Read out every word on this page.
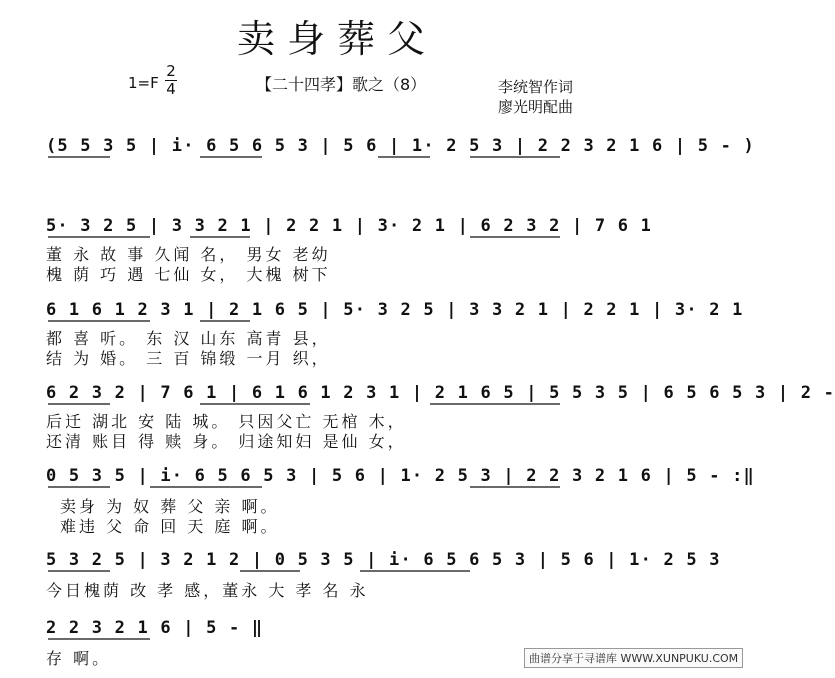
卖身葬父
1=F
2
4	【二十四孝】歌之（8）	李统智作词
廖光明配曲
(5 5 3 5 | i· 6 5 6 5 3 | 5 6 | 1· 2 5 3 | 2 2 3 2 1 6 | 5 - )
5· 3 2 5 | 3 3 2 1 | 2 2 1 | 3· 2 1 | 6 2 3 2 | 7 6 1
董 永 故 事 久闻 名， 男女 老幼
槐 荫 巧 遇 七仙 女， 大槐 树下
6 1 6 1 2 3 1 | 2 1 6 5 | 5· 3 2 5 | 3 3 2 1 | 2 2 1 | 3· 2 1
都 喜 听。 东 汉 山东 高青 县，
结 为 婚。 三 百 锦缎 一月 织，
6 2 3 2 | 7 6 1 | 6 1 6 1 2 3 1 | 2 1 6 5 | 5 5 3 5 | 6 5 6 5 3 | 2 -
后迁 湖北 安 陆 城。 只因父亡 无棺 木，
还清 账目 得 赎 身。 归途知妇 是仙 女，
0 5 3 5 | i· 6 5 6 5 3 | 5 6 | 1· 2 5 3 | 2 2 3 2 1 6 | 5 - :‖
卖身 为 奴 葬 父 亲 啊。
难违 父 命 回 天 庭 啊。
5 3 2 5 | 3 2 1 2 | 0 5 3 5 | i· 6 5 6 5 3 | 5 6 | 1· 2 5 3
今日槐荫 改 孝 感，董永 大 孝 名 永
2 2 3 2 1 6 | 5 - ‖
存 啊。	曲谱分享于寻谱库 WWW.XUNPUKU.COM
